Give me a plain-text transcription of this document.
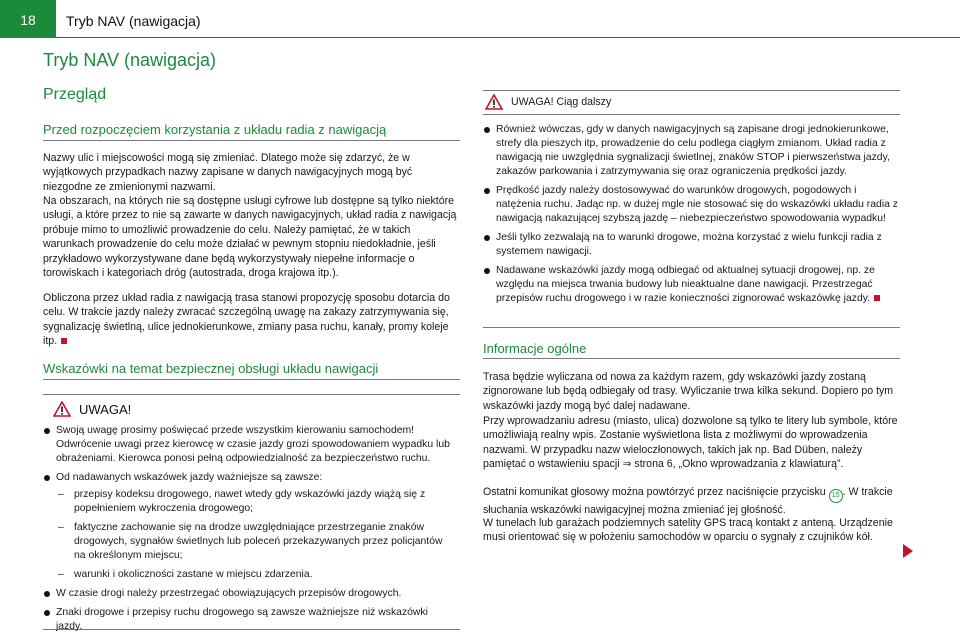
18	Tryb NAV (nawigacja)
Tryb NAV (nawigacja)
Przegląd
Przed rozpoczęciem korzystania z układu radia z nawigacją
Nazwy ulic i miejscowości mogą się zmieniać. Dlatego może się zdarzyć, że w wyjątkowych przypadkach nazwy zapisane w danych nawigacyjnych mogą być niezgodne ze zmienionymi nazwami.
Na obszarach, na których nie są dostępne usługi cyfrowe lub dostępne są tylko niektóre usługi, a które przez to nie są zawarte w danych nawigacyjnych, układ radia z nawigacją próbuje mimo to umożliwić prowadzenie do celu. Należy pamiętać, że w takich warunkach prowadzenie do celu może działać w pewnym stopniu niedokładnie, jeśli przykładowo wykorzystywane dane będą wykorzystywały niepełne informacje o torowiskach i kategoriach dróg (autostrada, droga krajowa itp.).
Obliczona przez układ radia z nawigacją trasa stanowi propozycję sposobu dotarcia do celu. W trakcie jazdy należy zwracać szczególną uwagę na zakazy zatrzymywania się, sygnalizację świetlną, ulice jednokierunkowe, zmiany pasa ruchu, kanały, promy koleje itp.
Wskazówki na temat bezpiecznej obsługi układu nawigacji
UWAGA!
Swoją uwagę prosimy poświęcać przede wszystkim kierowaniu samochodem! Odwrócenie uwagi przez kierowcę w czasie jazdy grozi spowodowaniem wypadku lub obrażeniami. Kierowca ponosi pełną odpowiedzialność za bezpieczeństwo ruchu.
Od nadawanych wskazówek jazdy ważniejsze są zawsze:
– przepisy kodeksu drogowego, nawet wtedy gdy wskazówki jazdy wiążą się z popełnieniem wykroczenia drogowego;
– faktyczne zachowanie się na drodze uwzględniające przestrzeganie znaków drogowych, sygnałów świetlnych lub poleceń przekazywanych przez policjantów na określonym miejscu;
– warunki i okoliczności zastane w miejscu zdarzenia.
W czasie drogi należy przestrzegać obowiązujących przepisów drogowych.
Znaki drogowe i przepisy ruchu drogowego są zawsze ważniejsze niż wskazówki jazdy.
UWAGA! Ciąg dalszy
Również wówczas, gdy w danych nawigacyjnych są zapisane drogi jednokierunkowe, strefy dla pieszych itp, prowadzenie do celu podlega ciągłym zmianom. Układ radia z nawigacją nie uwzględnia sygnalizacji świetlnej, znaków STOP i pierwszeństwa jazdy, zakazów parkowania i zatrzymywania się oraz ograniczenia prędkości jazdy.
Prędkość jazdy należy dostosowywać do warunków drogowych, pogodowych i natężenia ruchu. Jadąc np. w dużej mgle nie stosować się do wskazówki układu radia z nawigacją nakazującej szybszą jazdę – niebezpieczeństwo spowodowania wypadku!
Jeśli tylko zezwalają na to warunki drogowe, można korzystać z wielu funkcji radia z systemem nawigacji.
Nadawane wskazówki jazdy mogą odbiegać od aktualnej sytuacji drogowej, np. ze względu na miejsca trwania budowy lub nieaktualne dane nawigacji. Przestrzegać przepisów ruchu drogowego i w razie konieczności zignorować wskazówkę jazdy.
Informacje ogólne
Trasa będzie wyliczana od nowa za każdym razem, gdy wskazówki jazdy zostaną zignorowane lub będą odbiegały od trasy. Wyliczanie trwa kilka sekund. Dopiero po tym wskazówki jazdy mogą być dalej nadawane.
Przy wprowadzaniu adresu (miasto, ulica) dozwolone są tylko te litery lub symbole, które umożliwiają realny wpis. Zostanie wyświetlona lista z możliwymi do wprowadzenia nazwami. W przypadku nazw wieloczłonowych, takich jak np. Bad Düben, należy pamiętać o wstawieniu spacji ⇒ strona 6, „Okno wprowadzania z klawiaturą”.
Ostatni komunikat głosowy można powtórzyć przez naciśnięcie przycisku 15 . W trakcie słuchania wskazówki nawigacyjnej można zmieniać jej głośność.
W tunelach lub garażach podziemnych satelity GPS tracą kontakt z anteną. Urządzenie musi orientować się w położeniu samochodów w oparciu o sygnały z czujników kół.
